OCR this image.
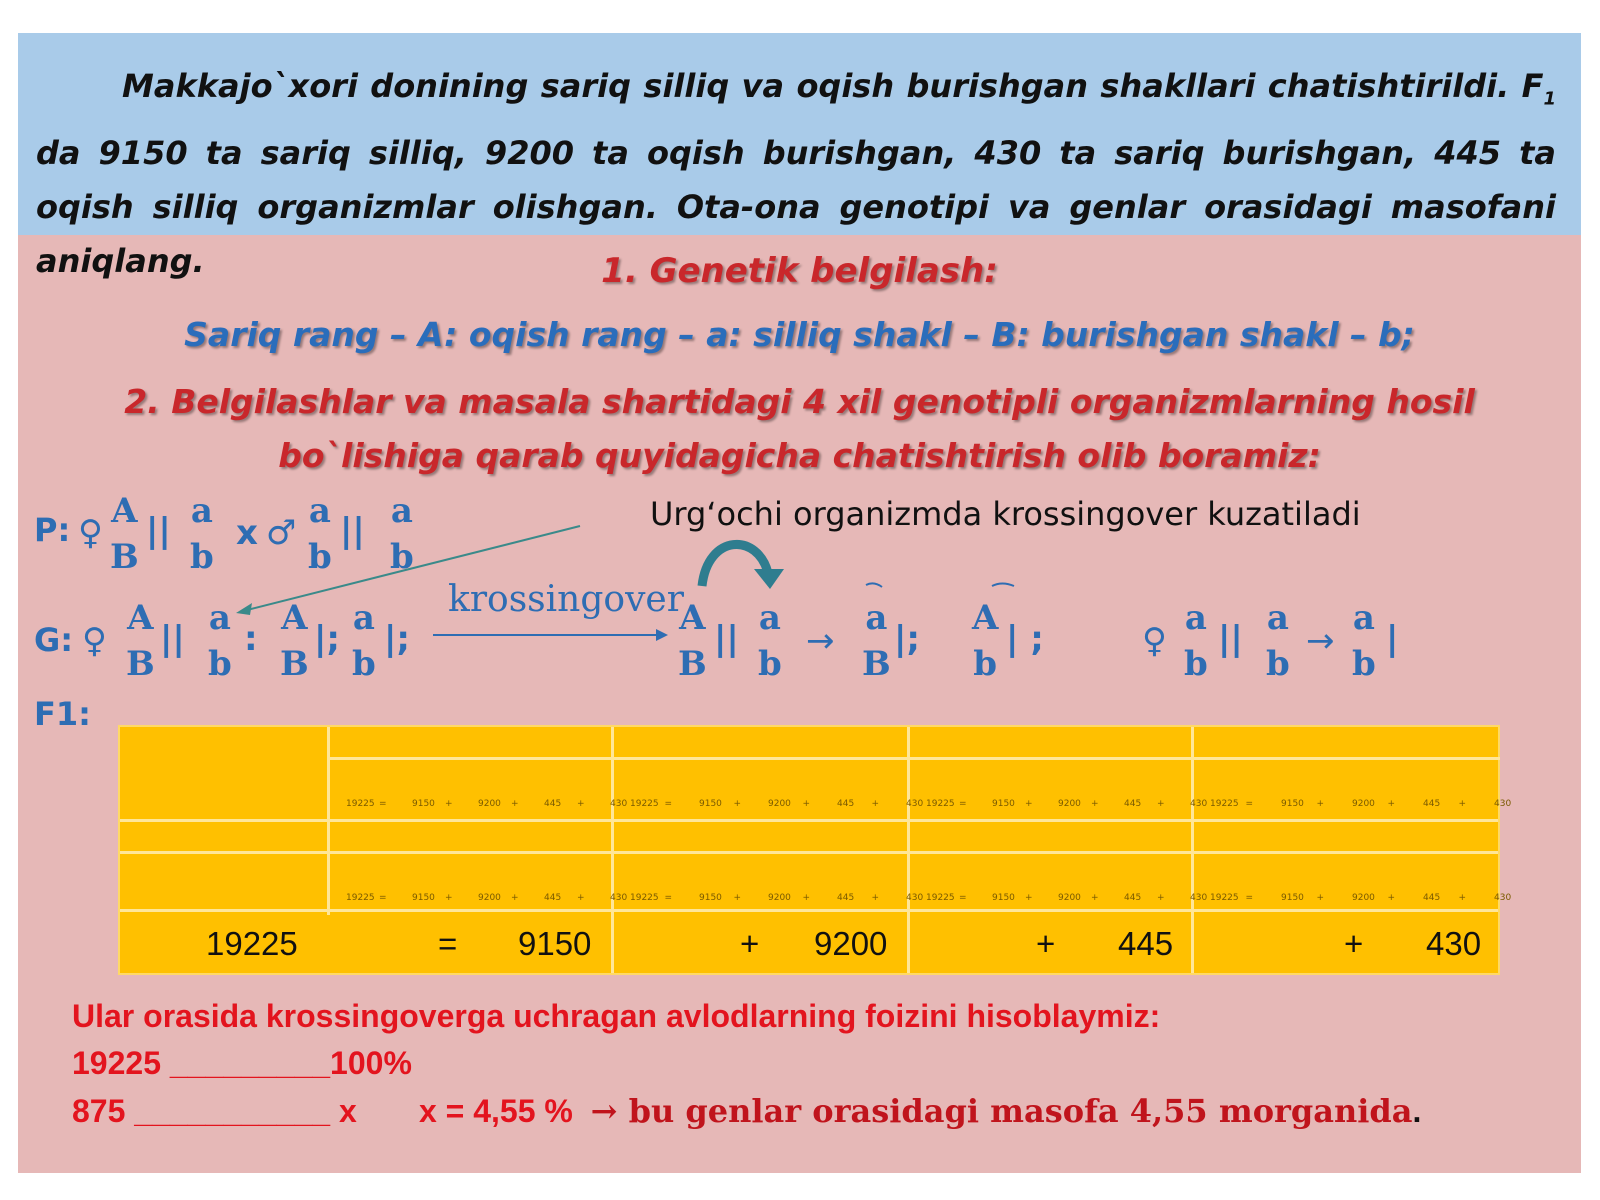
Makkajo`xori donining sariq silliq va oqish burishgan shakllari chatishtirildi. $F_1$ da 9150 ta sariq silliq, 9200 ta oqish burishgan, 430 ta sariq burishgan, 445 ta oqish silliq organizmlar olishgan. Ota-ona genotipi va genlar orasidagi masofani aniqlang.	1. Genetik belgilash:
Sariq rang – A: oqish rang – a: silliq shakl – B: burishgan shakl – b;
2. Belgilashlar va masala shartidagi 4 xil genotipli organizmlarning hosil
bo`lishiga qarab quyidagicha chatishtirish olib boramiz:
P: ♀
A
B
|| a
b
x ♂
a
b
|| a
b
Urg‘ochi organizmda krossingover kuzatiladi
G: ♀
A
B
||
a
b
:
A
B
|;
a
b
|;
krossingover
A
B
||
a
b
→
a
B
|;
A
b
| ;	♀
a
b
||
a
b
→
a
b
|
F1:
19225 =	9150 +	9200 +	445 +	430 19225 =	9150 +	9200 +	445 +	430 19225 =	9150 +	9200 +	445 +	430 19225 =	9150 +	9200 +	445 +	430
19225 =	9150 +	9200 +	445 +	430 19225 =	9150 +	9200 +	445 +	430 19225 =	9150 +	9200 +	445 +	430 19225 =	9150 +	9200 +	445 +	430
19225	= 9150	+ 9200	+ 445	+ 430
Ular orasida krossingoverga uchragan avlodlarning foizini hisoblaymiz:
19225 _________100%
875 ___________ x       x = 4,55 %  → bu genlar orasidagi masofa 4,55 morganida.
